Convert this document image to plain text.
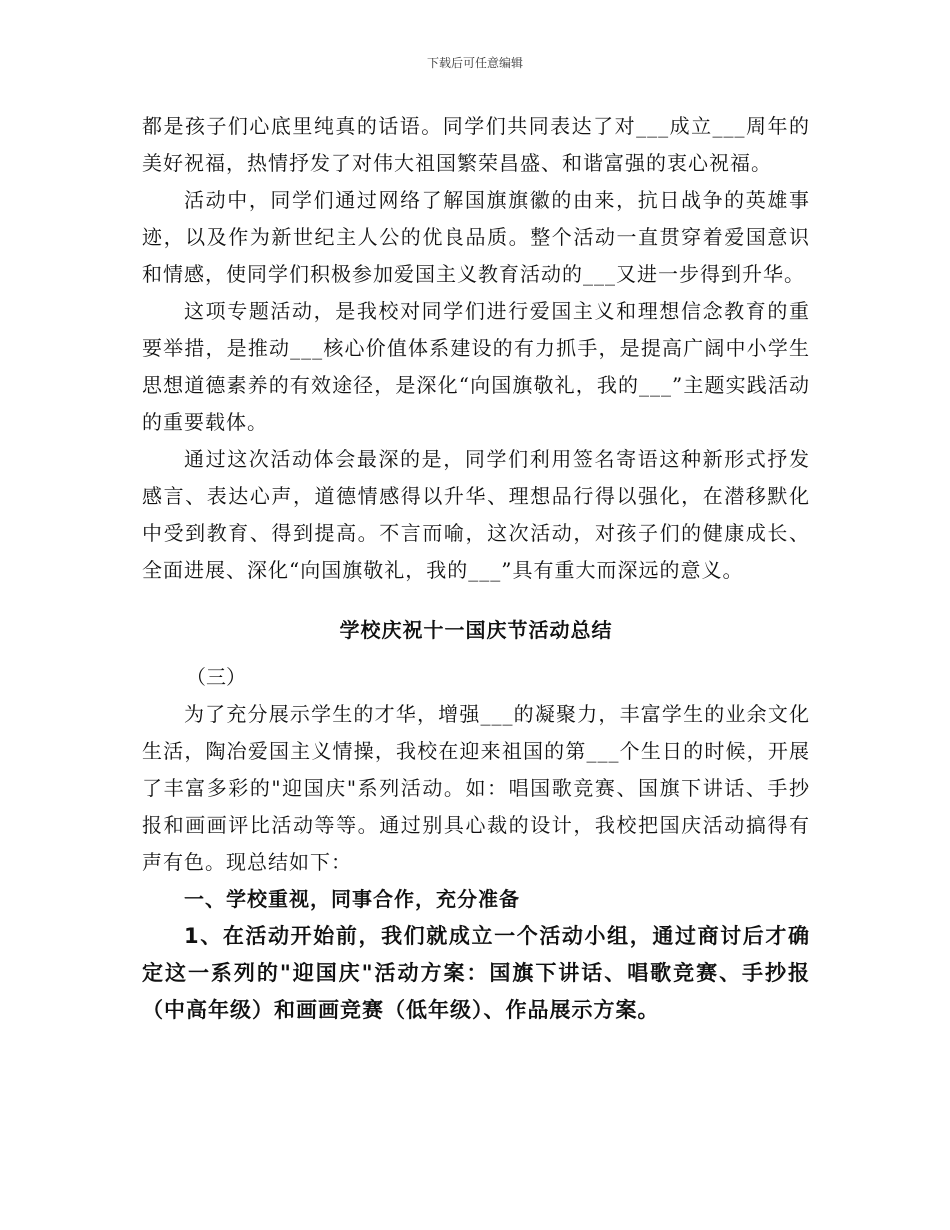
下载后可任意编辑

都是孩子们心底里纯真的话语。同学们共同表达了对___成立___周年的美好祝福，热情抒发了对伟大祖国繁荣昌盛、和谐富强的衷心祝福。

活动中，同学们通过网络了解国旗旗徽的由来，抗日战争的英雄事迹，以及作为新世纪主人公的优良品质。整个活动一直贯穿着爱国意识和情感，使同学们积极参加爱国主义教育活动的___又进一步得到升华。

这项专题活动，是我校对同学们进行爱国主义和理想信念教育的重要举措，是推动___核心价值体系建设的有力抓手，是提高广阔中小学生思想道德素养的有效途径，是深化“向国旗敬礼，我的___”主题实践活动的重要载体。

通过这次活动体会最深的是，同学们利用签名寄语这种新形式抒发感言、表达心声，道德情感得以升华、理想品行得以强化，在潜移默化中受到教育、得到提高。不言而喻，这次活动，对孩子们的健康成长、全面进展、深化“向国旗敬礼，我的___”具有重大而深远的意义。

学校庆祝十一国庆节活动总结

（三）

为了充分展示学生的才华，增强___的凝聚力，丰富学生的业余文化生活，陶冶爱国主义情操，我校在迎来祖国的第___个生日的时候，开展了丰富多彩的"迎国庆"系列活动。如：唱国歌竞赛、国旗下讲话、手抄报和画画评比活动等等。通过别具心裁的设计，我校把国庆活动搞得有声有色。现总结如下：

一、学校重视，同事合作，充分准备

1、在活动开始前，我们就成立一个活动小组，通过商讨后才确定这一系列的"迎国庆"活动方案：国旗下讲话、唱歌竞赛、手抄报（中高年级）和画画竞赛（低年级）、作品展示方案。
